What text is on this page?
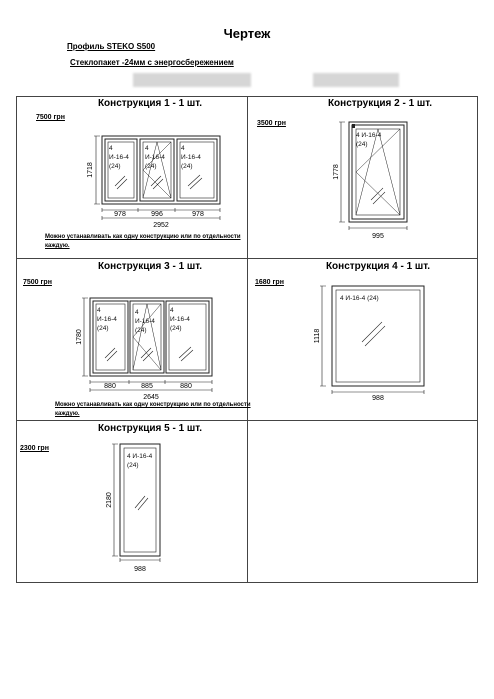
Чертеж
Профиль STEKO S500
Стеклопакет -24мм с энергосбережением
Конструкция 1 - 1 шт.
7500 грн
1718
978	996	978
2952
4
И-16-4
(24)
4
И-16-4
(24)
4
И-16-4
(24)
Можно устанавливать как одну конструкцию или по отдельности каждую.
Конструкция 2 - 1 шт.
3500 грн
1778
995
4 И-16-4
(24)
Конструкция 3 - 1 шт.
7500 грн
1780
880	885	880
2645
4
И-16-4
(24)
4
И-16-4
(24)
4
И-16-4
(24)
Можно устанавливать как одну конструкцию или по отдельности каждую.
Конструкция 4 - 1 шт.
1680 грн
1118
988
4 И-16-4 (24)
Конструкция 5 - 1 шт.
2300 грн
2180
988
4 И-16-4
(24)
